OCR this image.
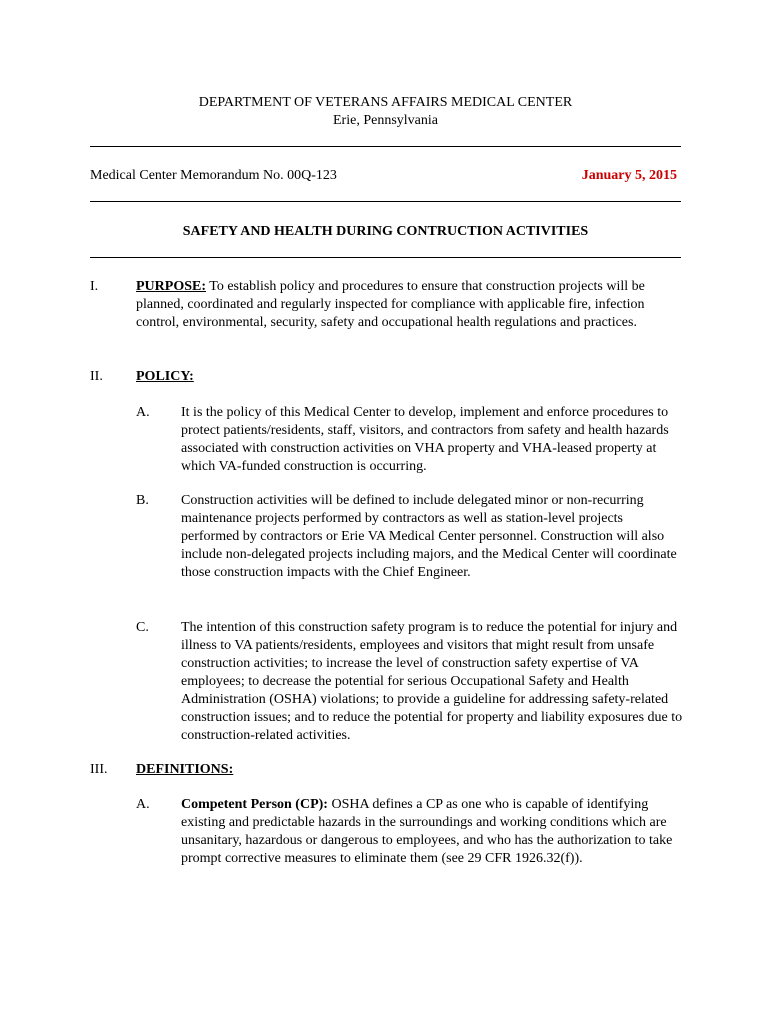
DEPARTMENT OF VETERANS AFFAIRS MEDICAL CENTER
Erie, Pennsylvania
Medical Center Memorandum No. 00Q-123	January 5, 2015
SAFETY AND HEALTH DURING CONTRUCTION ACTIVITIES
I.	PURPOSE: To establish policy and procedures to ensure that construction projects will be planned, coordinated and regularly inspected for compliance with applicable fire, infection control, environmental, security, safety and occupational health regulations and practices.

II. POLICY:
A. It is the policy of this Medical Center to develop, implement and enforce procedures to protect patients/residents, staff, visitors, and contractors from safety and health hazards associated with construction activities on VHA property and VHA-leased property at which VA-funded construction is occurring.

B. Construction activities will be defined to include delegated minor or non-recurring maintenance projects performed by contractors as well as station-level projects performed by contractors or Erie VA Medical Center personnel. Construction will also include non-delegated projects including majors, and the Medical Center will coordinate those construction impacts with the Chief Engineer.

C. The intention of this construction safety program is to reduce the potential for injury and illness to VA patients/residents, employees and visitors that might result from unsafe construction activities; to increase the level of construction safety expertise of VA employees; to decrease the potential for serious Occupational Safety and Health Administration (OSHA) violations; to provide a guideline for addressing safety-related construction issues; and to reduce the potential for property and liability exposures due to construction-related activities.

III. DEFINITIONS:
A. Competent Person (CP): OSHA defines a CP as one who is capable of identifying existing and predictable hazards in the surroundings and working conditions which are unsanitary, hazardous or dangerous to employees, and who has the authorization to take prompt corrective measures to eliminate them (see 29 CFR 1926.32(f)).
